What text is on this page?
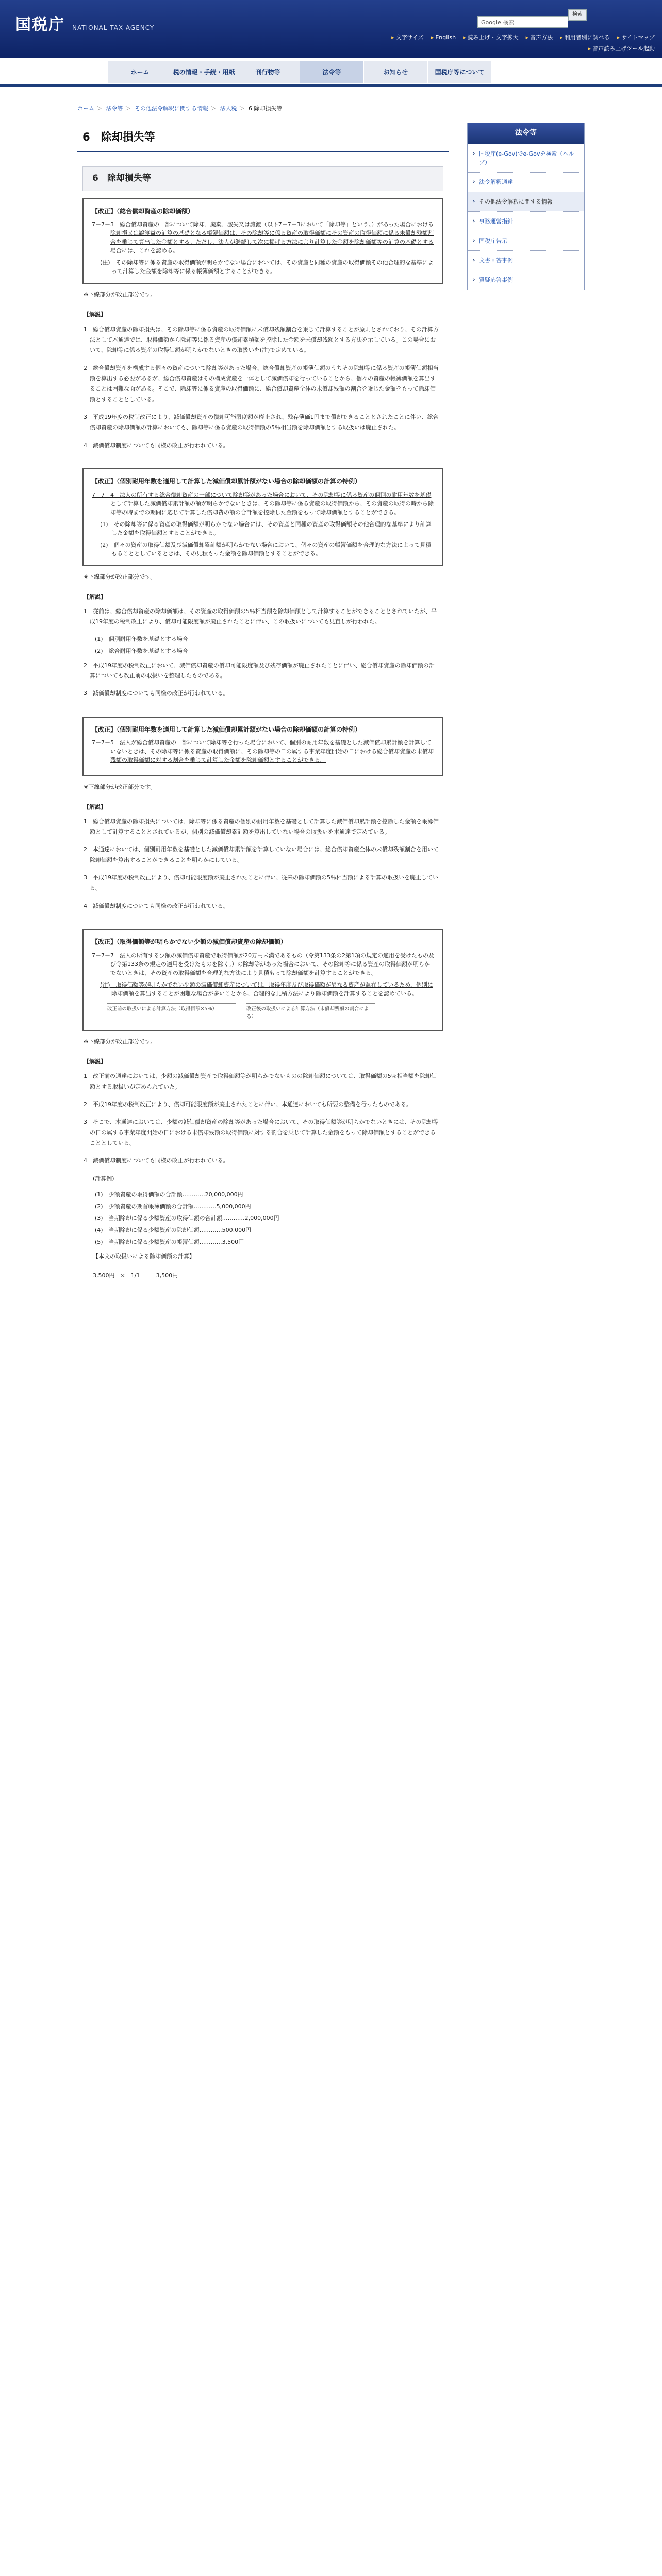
国税庁 NATIONAL TAX AGENCY
Google 検索
検索
▸ 文字サイズ	▸ English	▸ 読み上げ・文字拡大	▸ 音声方法	▸ 利用者別に調べる	▸ サイトマップ
▸ 音声読み上げツール起動
ホーム	税の情報・手続・用紙	刊行物等	法令等	お知らせ	国税庁等について
ホーム ＞ 法令等 ＞ その他法令解釈に関する情報 ＞ 法人税 ＞ 6 除却損失等
6　除却損失等
6　除却損失等
【改正】（総合償却資産の除却価額）
7－7－3　総合償却資産の一部について除却、廃棄、滅失又は譲渡（以下7－7－3において「除却等」という。）があった場合における除却損又は譲渡益の計算の基礎となる帳簿価額は、その除却等に係る資産の取得価額にその資産の取得価額に係る未償却残額割合を乗じて算出した金額とする。ただし、法人が継続して次に掲げる方法により計算した金額を除却価額等の計算の基礎とする場合には、これを認める。
(注)　その除却等に係る資産の取得価額が明らかでない場合においては、その資産と同種の資産の取得価額その他合理的な基準によって計算した金額を除却等に係る帳簿価額とすることができる。
※下線部分が改正部分です。
【解説】
1　総合償却資産の除却損失は、その除却等に係る資産の取得価額に未償却残額割合を乗じて計算することが原則とされており、その計算方法として本通達では、取得価額から除却等に係る資産の償却累積額を控除した金額を未償却残額とする方法を示している。この場合において、除却等に係る資産の取得価額が明らかでないときの取扱いを(注)で定めている。
2　総合償却資産を構成する個々の資産について除却等があった場合、総合償却資産の帳簿価額のうちその除却等に係る資産の帳簿価額相当額を算出する必要があるが、総合償却資産はその構成資産を一体として減価償却を行っていることから、個々の資産の帳簿価額を算出することは困難な面がある。そこで、除却等に係る資産の取得価額に、総合償却資産全体の未償却残額の割合を乗じた金額をもって除却価額とすることとしている。
3　平成19年度の税制改正により、減価償却資産の償却可能限度額が廃止され、残存簿価1円まで償却できることとされたことに伴い、総合償却資産の除却価額の計算においても、除却等に係る資産の取得価額の5％相当額を除却価額とする取扱いは廃止された。
4　減価償却制度についても同様の改正が行われている。
【改正】（個別耐用年数を適用して計算した減価償却累計額がない場合の除却価額の計算の特例）
7－7－4　法人の所有する総合償却資産の一部について除却等があった場合において、その除却等に係る資産の個別の耐用年数を基礎として計算した減価償却累計額の額が明らかでないときは、その除却等に係る資産の取得価額から、その資産の取得の時から除却等の時までの期間に応じて計算した償却費の額の合計額を控除した金額をもって除却価額とすることができる。
(1)　その除却等に係る資産の取得価額が明らかでない場合には、その資産と同種の資産の取得価額その他合理的な基準により計算した金額を取得価額とすることができる。
(2)　個々の資産の取得価額及び減価償却累計額が明らかでない場合において、個々の資産の帳簿価額を合理的な方法によって見積もることとしているときは、その見積もった金額を除却価額とすることができる。
※下線部分が改正部分です。
【解説】
1　従前は、総合償却資産の除却価額は、その資産の取得価額の5％相当額を除却価額として計算することができることとされていたが、平成19年度の税制改正により、償却可能限度額が廃止されたことに伴い、この取扱いについても見直しが行われた。
(1)　個別耐用年数を基礎とする場合
(2)　総合耐用年数を基礎とする場合
2　平成19年度の税制改正において、減価償却資産の償却可能限度額及び残存価額が廃止されたことに伴い、総合償却資産の除却価額の計算についても改正前の取扱いを整理したものである。
3　減価償却制度についても同様の改正が行われている。
【改正】（個別耐用年数を適用して計算した減価償却累計額がない場合の除却価額の計算の特例）
7－7－5　法人が総合償却資産の一部について除却等を行った場合において、個別の耐用年数を基礎とした減価償却累計額を計算していないときは、その除却等に係る資産の取得価額に、その除却等の日の属する事業年度開始の日における総合償却資産の未償却残額の取得価額に対する割合を乗じて計算した金額を除却価額とすることができる。
※下線部分が改正部分です。
【解説】
1　総合償却資産の除却損失については、除却等に係る資産の個別の耐用年数を基礎として計算した減価償却累計額を控除した金額を帳簿価額として計算することとされているが、個別の減価償却累計額を算出していない場合の取扱いを本通達で定めている。
2　本通達においては、個別耐用年数を基礎とした減価償却累計額を計算していない場合には、総合償却資産全体の未償却残額割合を用いて除却価額を算出することができることを明らかにしている。
3　平成19年度の税制改正により、償却可能限度額が廃止されたことに伴い、従来の除却価額の5％相当額による計算の取扱いを廃止している。
4　減価償却制度についても同様の改正が行われている。
【改正】（取得価額等が明らかでない少額の減価償却資産の除却価額）
7－7－7　法人の所有する少額の減価償却資産で取得価額が20万円未満であるもの（令第133条の2第1項の規定の適用を受けたもの及び令第133条の規定の適用を受けたものを除く。）の除却等があった場合において、その除却等に係る資産の取得価額が明らかでないときは、その資産の取得価額を合理的な方法により見積もって除却価額を計算することができる。
(注)　取得価額等が明らかでない少額の減価償却資産については、取得年度及び取得価額が異なる資産が混在しているため、個別に除却価額を算出することが困難な場合が多いことから、合理的な見積方法により除却価額を計算することを認めている。
改正前の取扱いによる計算方法（取得価額×5%）	改正後の取扱いによる計算方法（未償却残額の割合による）
※下線部分が改正部分です。
【解説】
1　改正前の通達においては、少額の減価償却資産で取得価額等が明らかでないものの除却価額については、取得価額の5％相当額を除却価額とする取扱いが定められていた。
2　平成19年度の税制改正により、償却可能限度額が廃止されたことに伴い、本通達においても所要の整備を行ったものである。
3　そこで、本通達においては、少額の減価償却資産の除却等があった場合において、その取得価額等が明らかでないときには、その除却等の日の属する事業年度開始の日における未償却残額の取得価額に対する割合を乗じて計算した金額をもって除却価額とすることができることとしている。
4　減価償却制度についても同様の改正が行われている。
(計算例)
(1)　少額資産の取得価額の合計額…………20,000,000円
(2)　少額資産の期首帳簿価額の合計額…………5,000,000円
(3)　当期除却に係る少額資産の取得価額の合計額…………2,000,000円
(4)　当期除却に係る少額資産の除却価額…………500,000円
(5)　当期除却に係る少額資産の帳簿価額…………3,500円
【本文の取扱いによる除却価額の計算】
3,500円　×　1/1　=　3,500円
法令等
› 国税庁(e-Gov)でe-Govを検索（ヘルプ）
› 法令解釈通達
› その他法令解釈に関する情報
› 事務運営指針
› 国税庁告示
› 文書回答事例
› 質疑応答事例
